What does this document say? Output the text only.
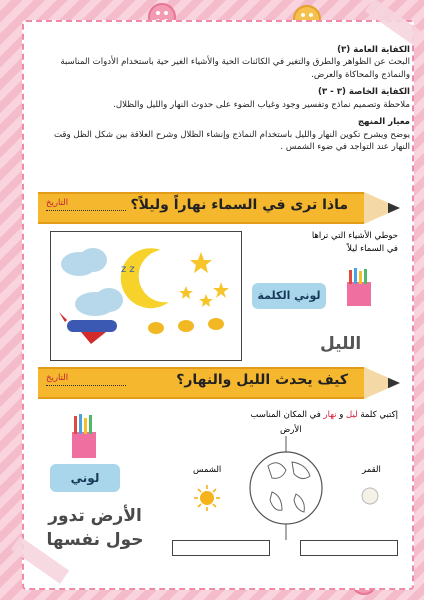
الكفاية العامة (٣)
البحث عن الظواهر والطرق والتغير في الكائنات الحية والأشياء الغير حية باستخدام الأدوات المناسبة والنماذج والمحاكاة والعرض.
الكفاية الخاصة (٣ - ٣)
ملاحظة وتصميم نماذج وتفسير وجود وغياب الضوء على حدوث النهار والليل والظلال.
معيار المنهج
يوضح ويشرح تكوين النهار والليل باستخدام النماذج وإنشاء الظلال وشرح العلاقة بين شكل الظل وقت النهار عند التواجد في ضوء الشمس .
التاريخ	ماذا ترى في السماء نهاراً وليلاً؟
z z
حوطي الأشياء التي تراها
في السماء ليلاً
لوني الكلمة
الليل
التاريخ	كيف يحدث الليل والنهار؟
إكتبي كلمة ليل و نهار في المكان المناسب
الأرض
الشمس	القمر
لوني
الأرض تدور
حول نفسها
